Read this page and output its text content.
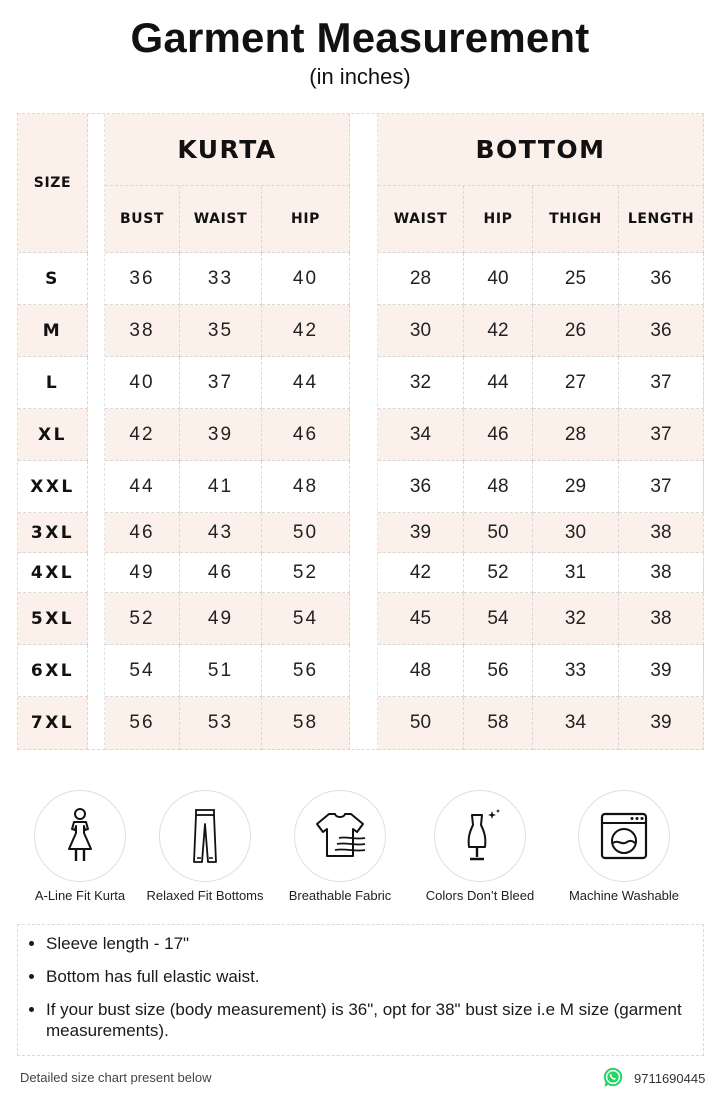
Garment Measurement
(in inches)
SIZE
KURTA	BOTTOM
BUST	WAIST	HIP	WAIST	HIP	THIGH	LENGTH
S	36	33	40	28	40	25	36
M	38	35	42	30	42	26	36
L	40	37	44	32	44	27	37
XL	42	39	46	34	46	28	37
XXL	44	41	48	36	48	29	37
3XL	46	43	50	39	50	30	38
4XL	49	46	52	42	52	31	38
5XL	52	49	54	45	54	32	38
6XL	54	51	56	48	56	33	39
7XL	56	53	58	50	58	34	39
A-Line Fit Kurta	Relaxed Fit Bottoms	Breathable Fabric	Colors Don’t Bleed	Machine Washable
• Sleeve length - 17"
• Bottom has full elastic waist.
• If your bust size (body measurement) is 36", opt for 38" bust size i.e M size (garment measurements).
Detailed size chart present below	9711690445
